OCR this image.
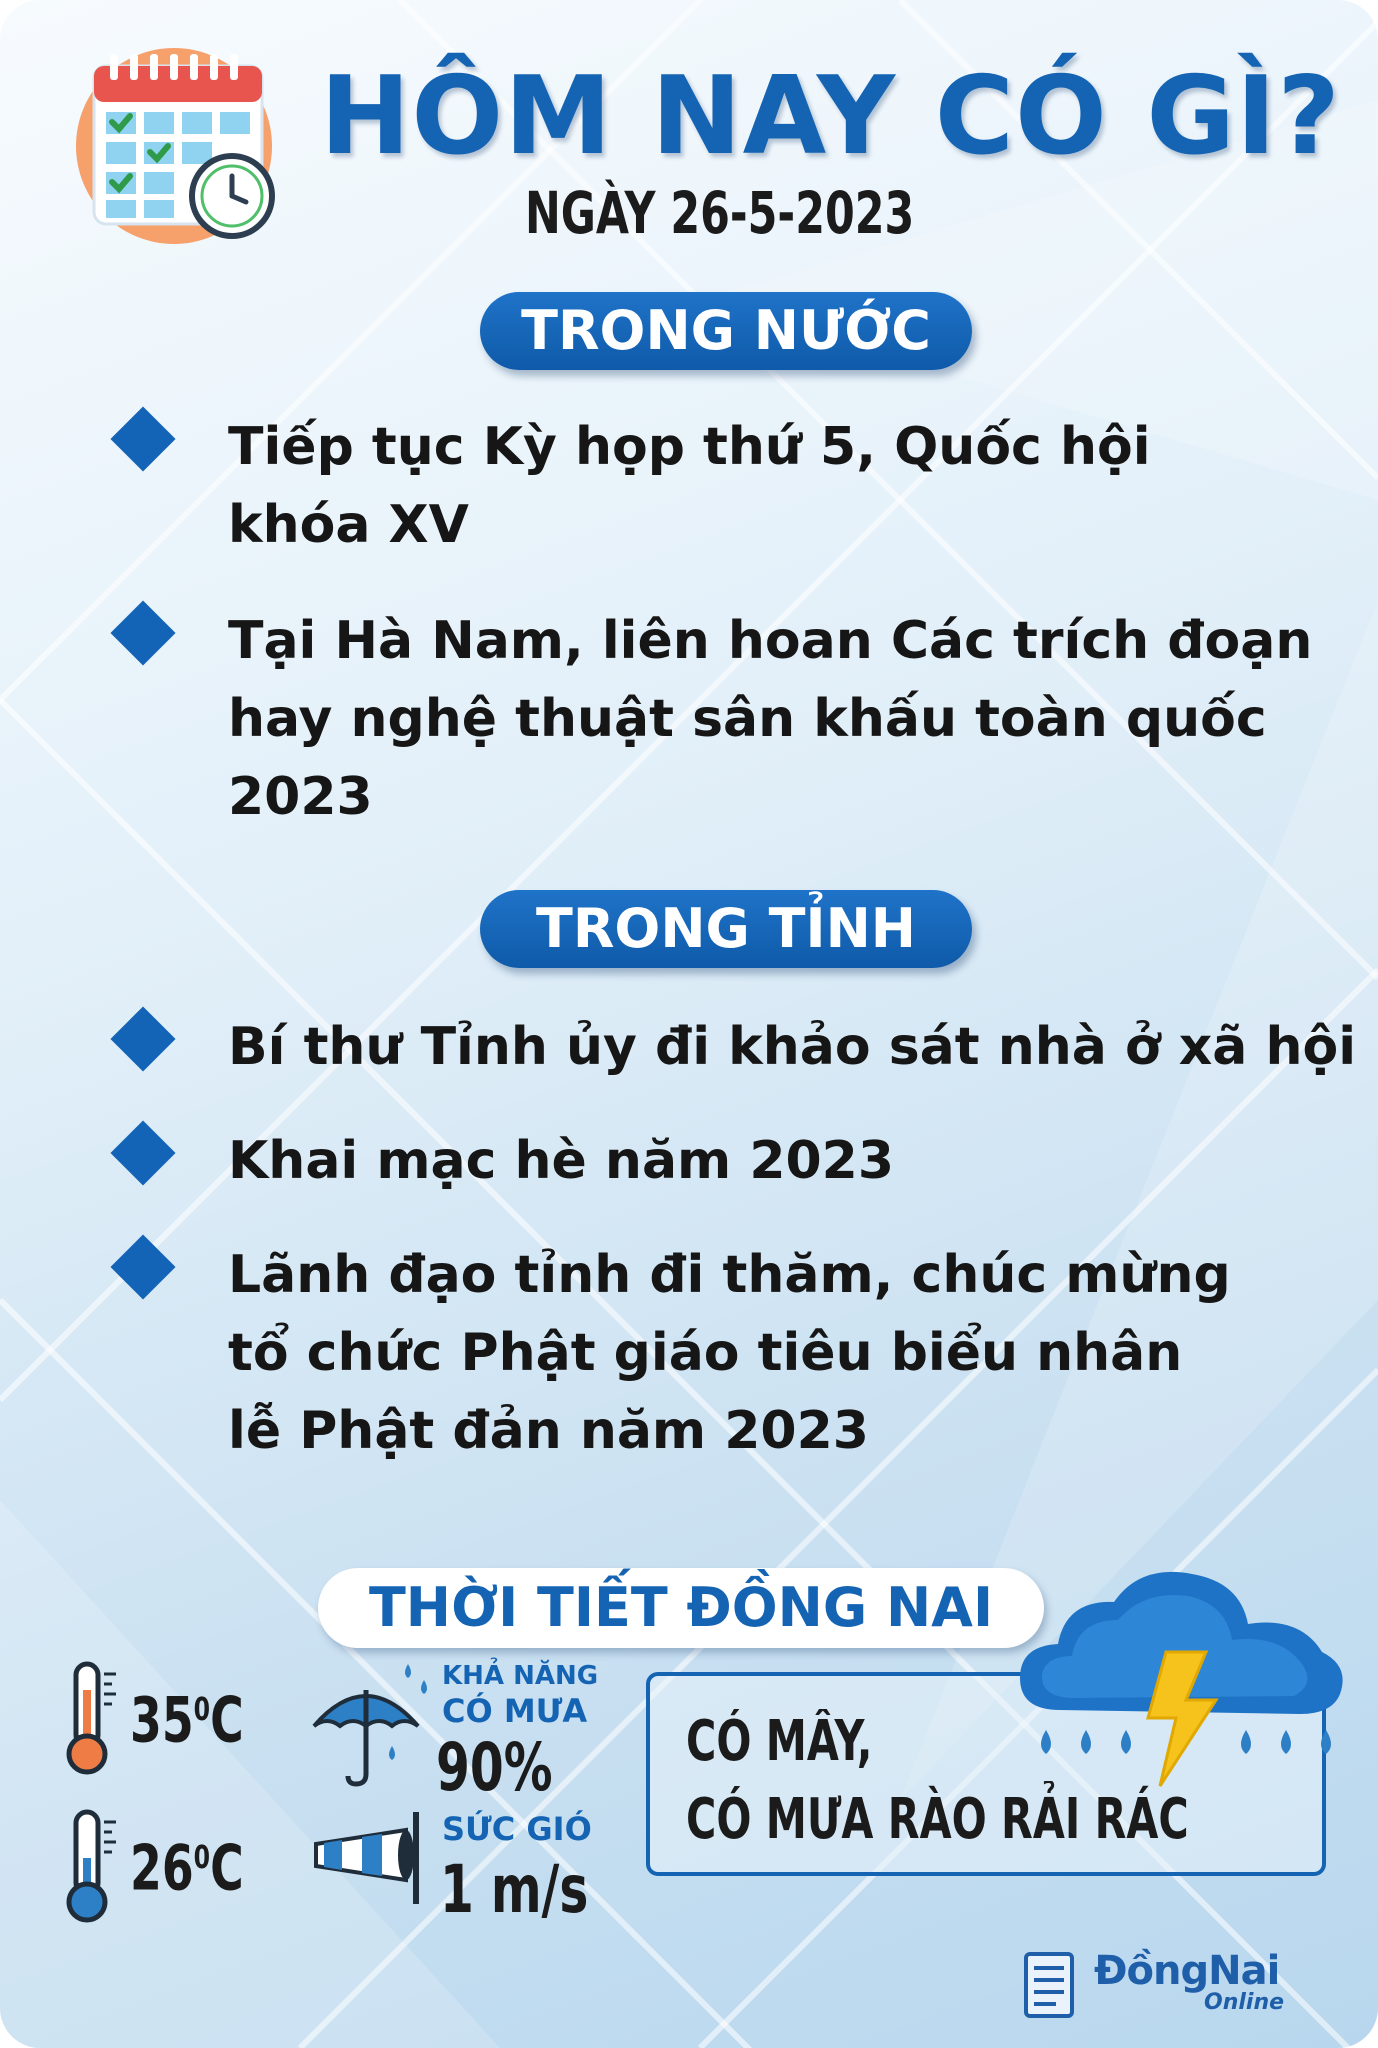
HÔM NAY CÓ GÌ?
NGÀY 26-5-2023
TRONG NƯỚC
Tiếp tục Kỳ họp thứ 5, Quốc hội
khóa XV
Tại Hà Nam, liên hoan Các trích đoạn
hay nghệ thuật sân khấu toàn quốc
2023
TRONG TỈNH
Bí thư Tỉnh ủy đi khảo sát nhà ở xã hội
Khai mạc hè năm 2023
Lãnh đạo tỉnh đi thăm, chúc mừng
tổ chức Phật giáo tiêu biểu nhân
lễ Phật đản năm 2023
THỜI TIẾT ĐỒNG NAI
$35^0C$
$26^0C$
KHẢ NĂNG
CÓ MƯA
90%
SỨC GIÓ
1 m/s
CÓ MÂY,
CÓ MƯA RÀO RẢI RÁC
ĐồngNai
Online
